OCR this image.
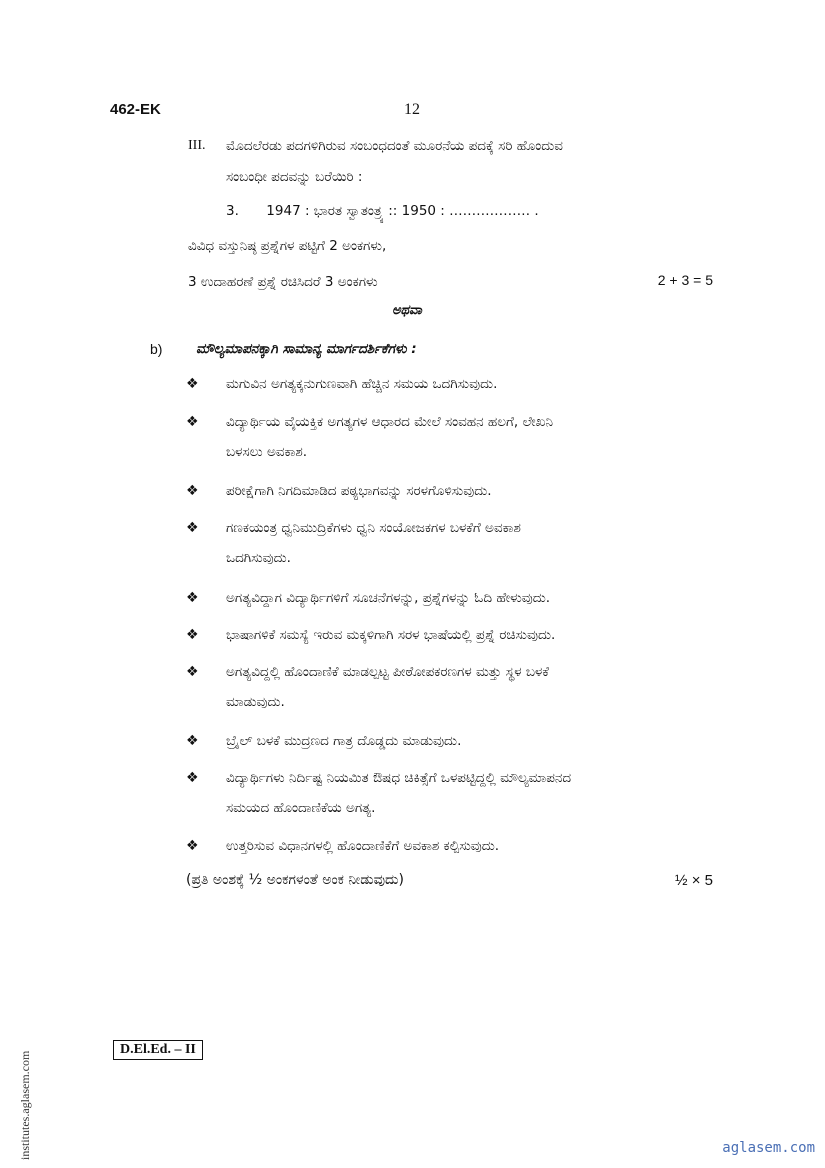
462-EK	12
III. ಮೊದಲೆರಡು ಪದಗಳಿಗಿರುವ ಸಂಬಂಧದಂತೆ ಮೂರನೆಯ ಪದಕ್ಕೆ ಸರಿ ಹೊಂದುವ
ಸಂಬಂಧೀ ಪದವನ್ನು ಬರೆಯಿರಿ :
3. 1947 : ಭಾರತ ಸ್ವಾತಂತ್ರ್ಯ :: 1950 : ……………… .
ವಿವಿಧ ವಸ್ತುನಿಷ್ಠ ಪ್ರಶ್ನೆಗಳ ಪಟ್ಟಿಗೆ 2 ಅಂಕಗಳು,
3 ಉದಾಹರಣೆ ಪ್ರಶ್ನೆ ರಚಿಸಿದರೆ 3 ಅಂಕಗಳು	2 + 3 = 5
ಅಥವಾ
b) ಮೌಲ್ಯಮಾಪನಕ್ಕಾಗಿ ಸಾಮಾನ್ಯ ಮಾರ್ಗದರ್ಶಿಕೆಗಳು :
❖ ಮಗುವಿನ ಅಗತ್ಯಕ್ಕನುಗುಣವಾಗಿ ಹೆಚ್ಚಿನ ಸಮಯ ಒದಗಿಸುವುದು.
❖ ವಿದ್ಯಾರ್ಥಿಯ ವೈಯಕ್ತಿಕ ಅಗತ್ಯಗಳ ಆಧಾರದ ಮೇಲೆ ಸಂವಹನ ಹಲಗೆ, ಲೇಖನಿ
ಬಳಸಲು ಅವಕಾಶ.
❖ ಪರೀಕ್ಷೆಗಾಗಿ ನಿಗದಿಮಾಡಿದ ಪಠ್ಯಭಾಗವನ್ನು ಸರಳಗೊಳಿಸುವುದು.
❖ ಗಣಕಯಂತ್ರ ಧ್ವನಿಮುದ್ರಿಕೆಗಳು ಧ್ವನಿ ಸಂಯೋಜಕಗಳ ಬಳಕೆಗೆ ಅವಕಾಶ
ಒದಗಿಸುವುದು.
❖ ಅಗತ್ಯವಿದ್ದಾಗ ವಿದ್ಯಾರ್ಥಿಗಳಿಗೆ ಸೂಚನೆಗಳನ್ನು, ಪ್ರಶ್ನೆಗಳನ್ನು ಓದಿ ಹೇಳುವುದು.
❖ ಭಾಷಾಗಳಿಕೆ ಸಮಸ್ಯೆ ಇರುವ ಮಕ್ಕಳಿಗಾಗಿ ಸರಳ ಭಾಷೆಯಲ್ಲಿ ಪ್ರಶ್ನೆ ರಚಿಸುವುದು.
❖ ಅಗತ್ಯವಿದ್ದಲ್ಲಿ ಹೊಂದಾಣಿಕೆ ಮಾಡಲ್ಪಟ್ಟ ಪೀಠೋಪಕರಣಗಳ ಮತ್ತು ಸ್ಥಳ ಬಳಕೆ
ಮಾಡುವುದು.
❖ ಬ್ರೈಲ್ ಬಳಕೆ ಮುದ್ರಣದ ಗಾತ್ರ ದೊಡ್ಡದು ಮಾಡುವುದು.
❖ ವಿದ್ಯಾರ್ಥಿಗಳು ನಿರ್ದಿಷ್ಟ ನಿಯಮಿತ ಔಷಧ ಚಿಕಿತ್ಸೆಗೆ ಒಳಪಟ್ಟಿದ್ದಲ್ಲಿ ಮೌಲ್ಯಮಾಪನದ
ಸಮಯದ ಹೊಂದಾಣಿಕೆಯ ಅಗತ್ಯ.
❖ ಉತ್ತರಿಸುವ ವಿಧಾನಗಳಲ್ಲಿ ಹೊಂದಾಣಿಕೆಗೆ ಅವಕಾಶ ಕಲ್ಪಿಸುವುದು.
(ಪ್ರತಿ ಅಂಶಕ್ಕೆ ½ ಅಂಕಗಳಂತೆ ಅಂಕ ನೀಡುವುದು)	½ × 5
D.El.Ed. – II
institutes.aglasem.com	aglasem.com
